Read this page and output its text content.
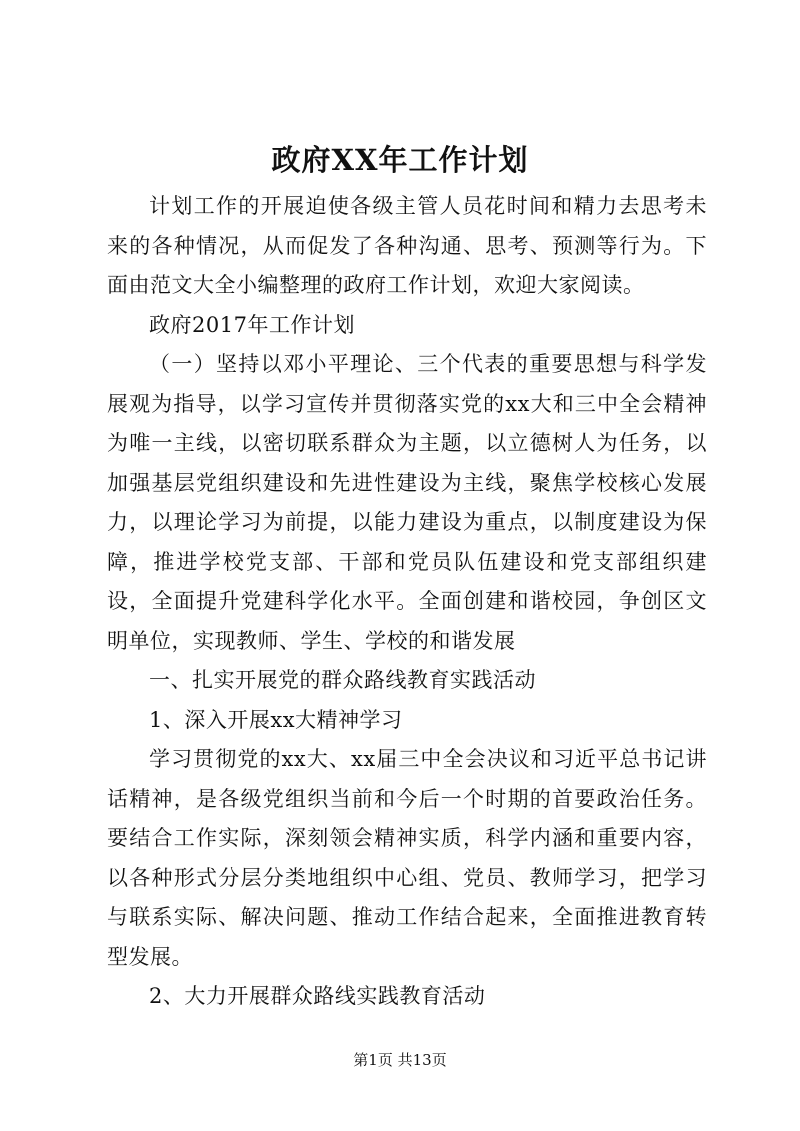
政府XX年工作计划

计划工作的开展迫使各级主管人员花时间和精力去思考未来的各种情况，从而促发了各种沟通、思考、预测等行为。下面由范文大全小编整理的政府工作计划，欢迎大家阅读。

政府2017年工作计划

（一）坚持以邓小平理论、三个代表的重要思想与科学发展观为指导，以学习宣传并贯彻落实党的xx大和三中全会精神为唯一主线，以密切联系群众为主题，以立德树人为任务，以加强基层党组织建设和先进性建设为主线，聚焦学校核心发展力，以理论学习为前提，以能力建设为重点，以制度建设为保障，推进学校党支部、干部和党员队伍建设和党支部组织建设，全面提升党建科学化水平。全面创建和谐校园，争创区文明单位，实现教师、学生、学校的和谐发展

一、扎实开展党的群众路线教育实践活动

1、深入开展xx大精神学习

学习贯彻党的xx大、xx届三中全会决议和习近平总书记讲话精神，是各级党组织当前和今后一个时期的首要政治任务。要结合工作实际，深刻领会精神实质，科学内涵和重要内容，以各种形式分层分类地组织中心组、党员、教师学习，把学习与联系实际、解决问题、推动工作结合起来，全面推进教育转型发展。

2、大力开展群众路线实践教育活动

第1页 共13页
